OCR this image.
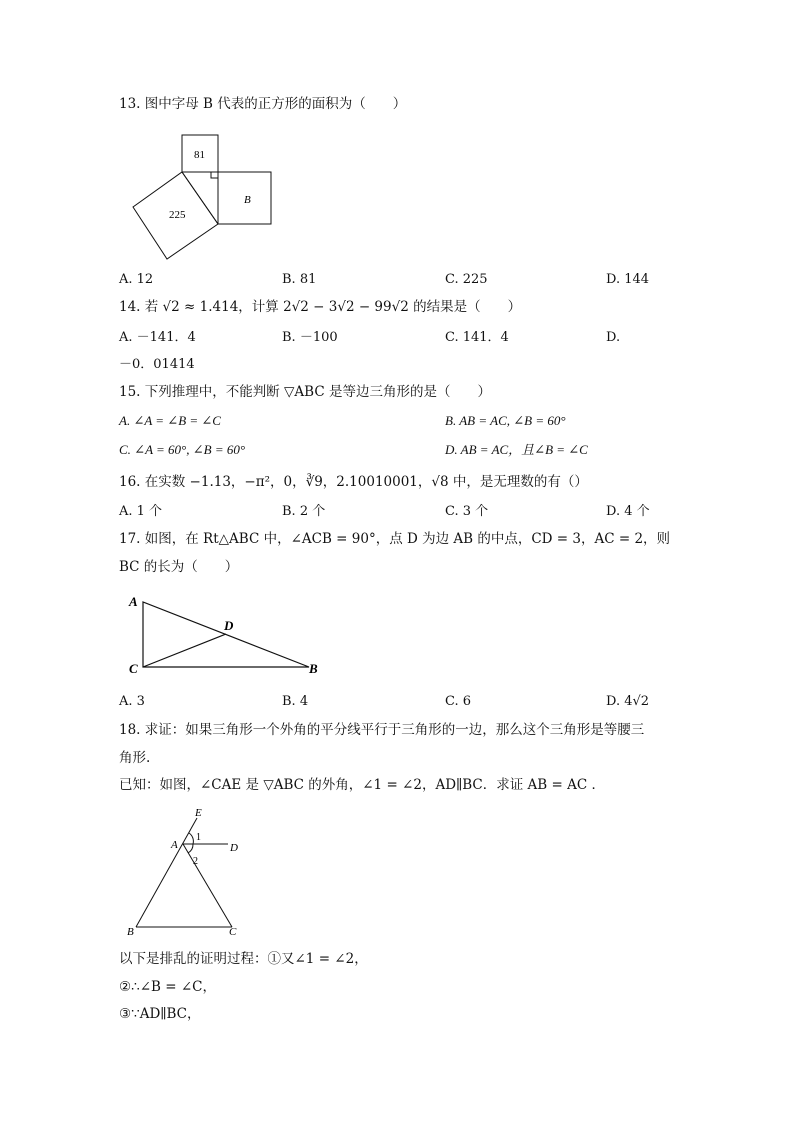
13. 图中字母 B 代表的正方形的面积为（　　）
81
B
225
A. 12	B. 81	C. 225	D. 144
14. 若 √2 ≈ 1.414，计算 2√2 − 3√2 − 99√2 的结果是（　　）
A. －141．4	B. －100	C. 141．4	D.
－0．01414
15. 下列推理中，不能判断 ▽ABC 是等边三角形的是（　　）
A. ∠A = ∠B = ∠C	B. AB = AC, ∠B = 60°
C. ∠A = 60°, ∠B = 60°	D. AB = AC，且∠B = ∠C
16. 在实数 −1.13，−π²，0，∛9，2.10010001，√8 中，是无理数的有（）
A. 1 个	B. 2 个	C. 3 个	D. 4 个
17. 如图，在 Rt△ABC 中，∠ACB = 90°，点 D 为边 AB 的中点，CD = 3，AC = 2，则
BC 的长为（　　）
A
D
C	B
A. 3	B. 4	C. 6	D. 4√2
18. 求证：如果三角形一个外角的平分线平行于三角形的一边，那么这个三角形是等腰三
角形.
已知：如图，∠CAE 是 ▽ABC 的外角，∠1 = ∠2，AD∥BC．求证 AB = AC ．
E
A	D
1
2
B	C
以下是排乱的证明过程：①又∠1 = ∠2，
②∴∠B = ∠C，
③∵AD∥BC，
